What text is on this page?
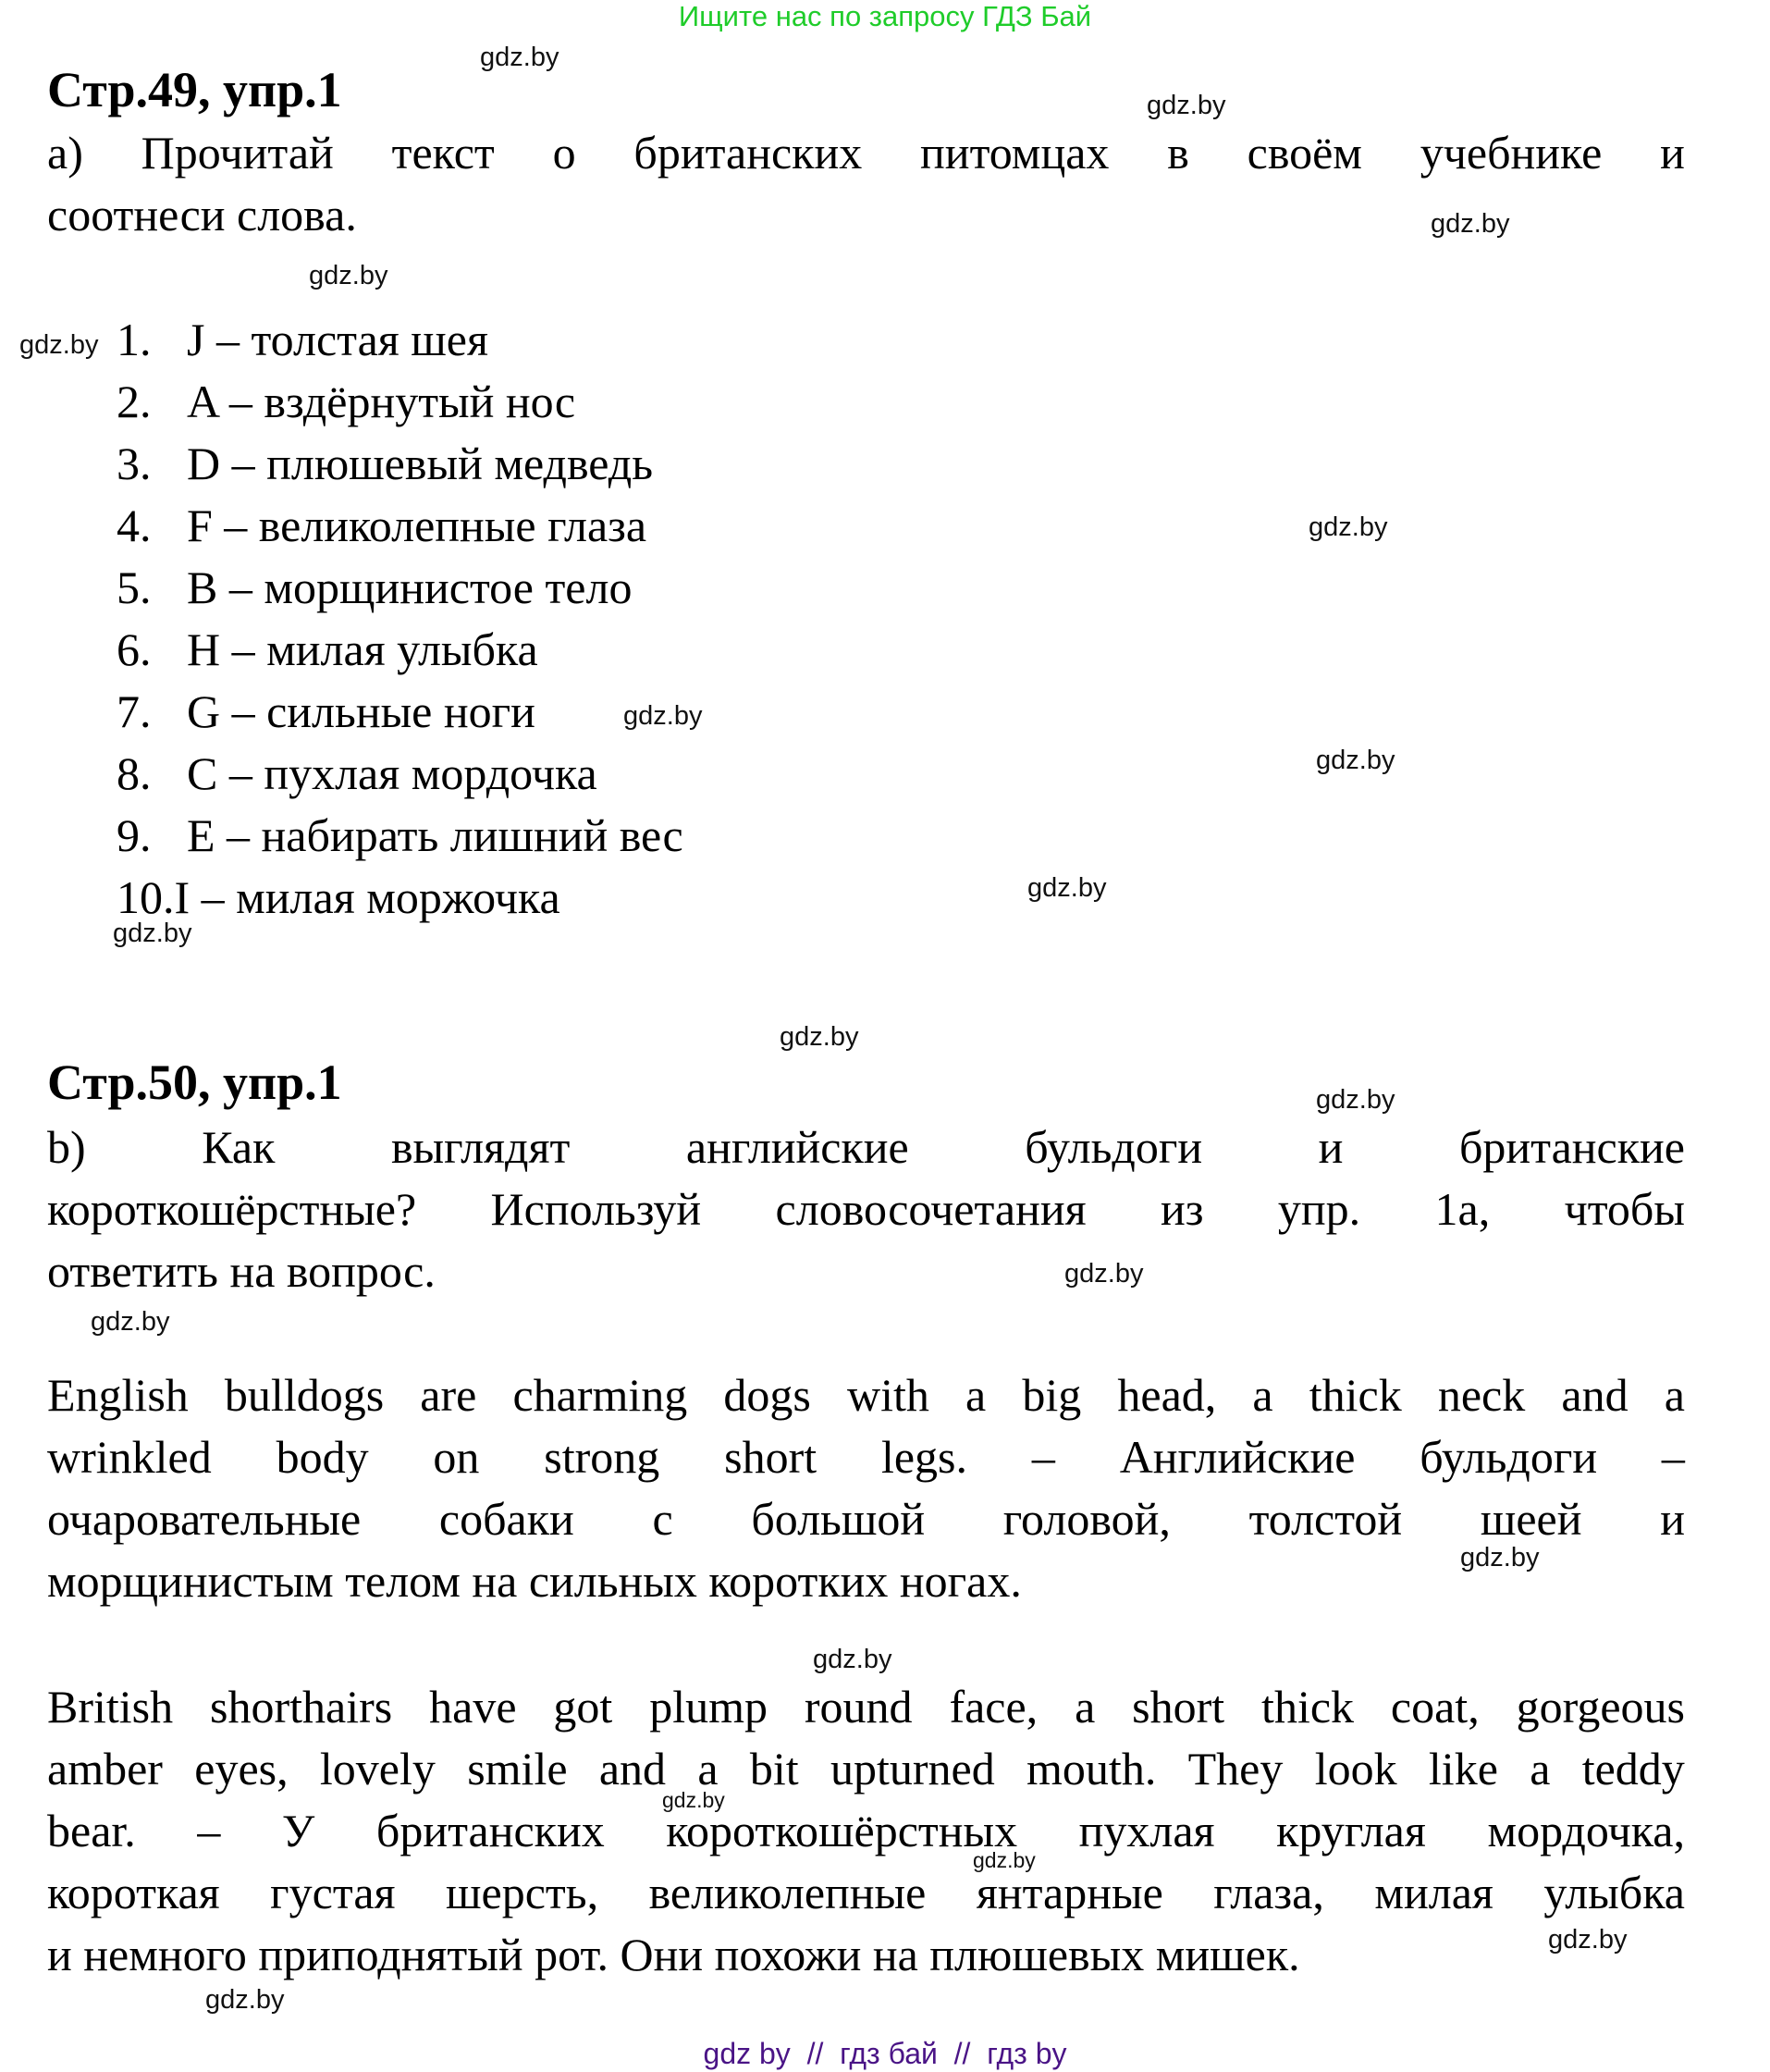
Ищите нас по запросу ГДЗ Бай
Стр.49, упр.1
а) Прочитай текст о британских питомцах в своём учебнике и
соотнеси слова.
1. J – толстая шея
2. A – вздёрнутый нос
3. D – плюшевый медведь
4. F – великолепные глаза
5. B – морщинистое тело
6. H – милая улыбка
7. G – сильные ноги
8. C – пухлая мордочка
9. E – набирать лишний вес
10.I – милая моржочка
Стр.50, упр.1
b)	Как	выглядят	английские	бульдоги	и	британские
короткошёрстные? Используй словосочетания из упр. 1a, чтобы
ответить на вопрос.
English bulldogs are charming dogs with a big head, a thick neck and a
wrinkled body on strong short legs. – Английские бульдоги –
очаровательные собаки с большой головой, толстой шеей и
морщинистым телом на сильных коротких ногах.
British shorthairs have got plump round face, a short thick coat, gorgeous
amber eyes, lovely smile and a bit upturned mouth. They look like a teddy
bear. – У британских короткошёрстных пухлая круглая мордочка,
короткая густая шерсть, великолепные янтарные глаза, милая улыбка
и немного приподнятый рот. Они похожи на плюшевых мишек.
gdz.by
gdz.by
gdz.by
gdz.by
gdz.by
gdz.by
gdz.by
gdz.by
gdz.by
gdz.by
gdz.by
gdz.by
gdz.by
gdz.by
gdz.by
gdz.by
gdz.by
gdz.by
gdz.by
gdz.by
gdz by  //  гдз бай  //  гдз by
